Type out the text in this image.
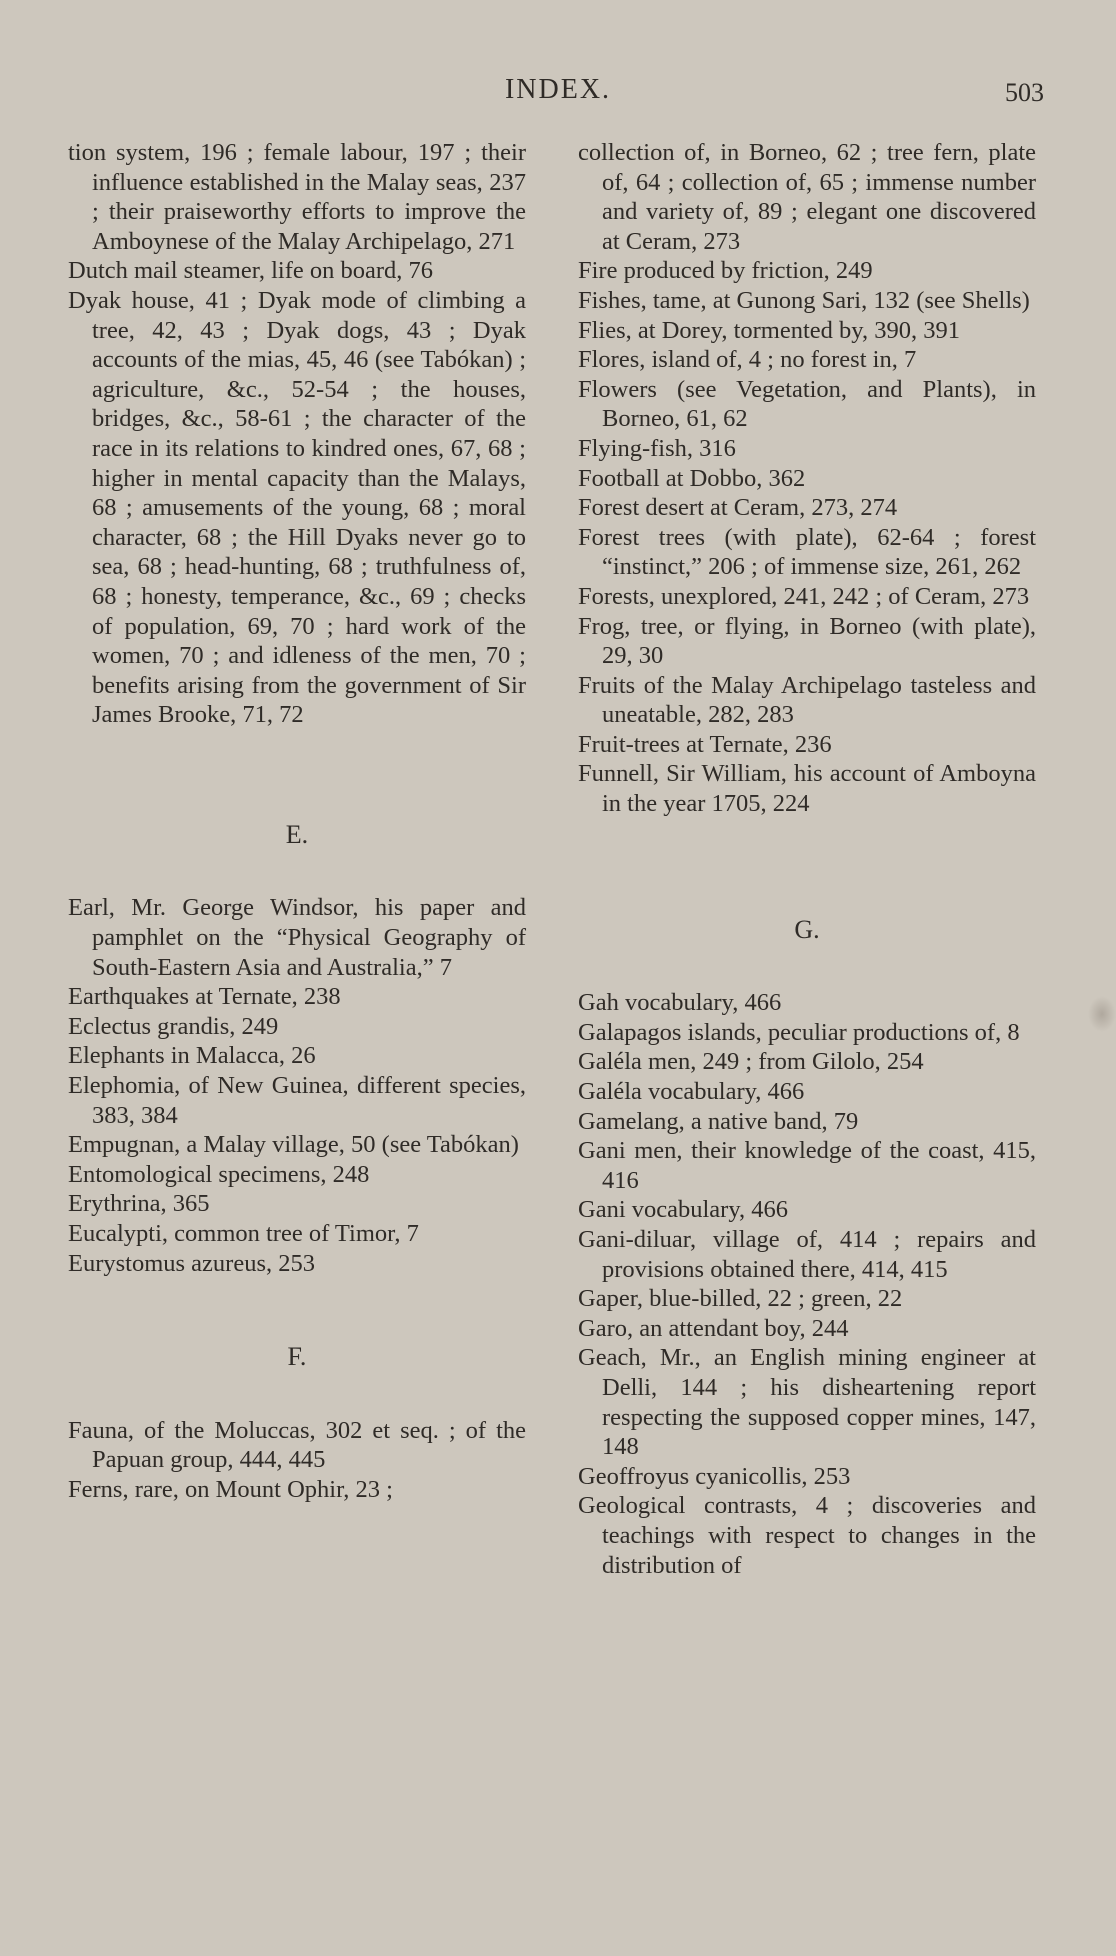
INDEX.	503

tion system, 196 ; female labour, 197 ; their influence established in the Malay seas, 237 ; their praiseworthy efforts to improve the Amboynese of the Malay Archipelago, 271

Dutch mail steamer, life on board, 76

Dyak house, 41 ; Dyak mode of climbing a tree, 42, 43 ; Dyak dogs, 43 ; Dyak accounts of the mias, 45, 46 (see Tabókan) ; agriculture, &c., 52-54 ; the houses, bridges, &c., 58-61 ; the character of the race in its relations to kindred ones, 67, 68 ; higher in mental capacity than the Malays, 68 ; amusements of the young, 68 ; moral character, 68 ; the Hill Dyaks never go to sea, 68 ; head-hunting, 68 ; truthfulness of, 68 ; honesty, temperance, &c., 69 ; checks of population, 69, 70 ; hard work of the women, 70 ; and idleness of the men, 70 ; benefits arising from the government of Sir James Brooke, 71, 72

E.

Earl, Mr. George Windsor, his paper and pamphlet on the “Physical Geography of South-Eastern Asia and Australia,” 7

Earthquakes at Ternate, 238

Eclectus grandis, 249

Elephants in Malacca, 26

Elephomia, of New Guinea, different species, 383, 384

Empugnan, a Malay village, 50 (see Tabókan)

Entomological specimens, 248

Erythrina, 365

Eucalypti, common tree of Timor, 7

Eurystomus azureus, 253

F.

Fauna, of the Moluccas, 302 et seq. ; of the Papuan group, 444, 445

Ferns, rare, on Mount Ophir, 23 ;

collection of, in Borneo, 62 ; tree fern, plate of, 64 ; collection of, 65 ; immense number and variety of, 89 ; elegant one discovered at Ceram, 273

Fire produced by friction, 249

Fishes, tame, at Gunong Sari, 132 (see Shells)

Flies, at Dorey, tormented by, 390, 391

Flores, island of, 4 ; no forest in, 7

Flowers (see Vegetation, and Plants), in Borneo, 61, 62

Flying-fish, 316

Football at Dobbo, 362

Forest desert at Ceram, 273, 274

Forest trees (with plate), 62-64 ; forest “instinct,” 206 ; of immense size, 261, 262

Forests, unexplored, 241, 242 ; of Ceram, 273

Frog, tree, or flying, in Borneo (with plate), 29, 30

Fruits of the Malay Archipelago tasteless and uneatable, 282, 283

Fruit-trees at Ternate, 236

Funnell, Sir William, his account of Amboyna in the year 1705, 224

G.

Gah vocabulary, 466

Galapagos islands, peculiar productions of, 8

Galéla men, 249 ; from Gilolo, 254

Galéla vocabulary, 466

Gamelang, a native band, 79

Gani men, their knowledge of the coast, 415, 416

Gani vocabulary, 466

Gani-diluar, village of, 414 ; repairs and provisions obtained there, 414, 415

Gaper, blue-billed, 22 ; green, 22

Garo, an attendant boy, 244

Geach, Mr., an English mining engineer at Delli, 144 ; his disheartening report respecting the supposed copper mines, 147, 148

Geoffroyus cyanicollis, 253

Geological contrasts, 4 ; discoveries and teachings with respect to changes in the distribution of
